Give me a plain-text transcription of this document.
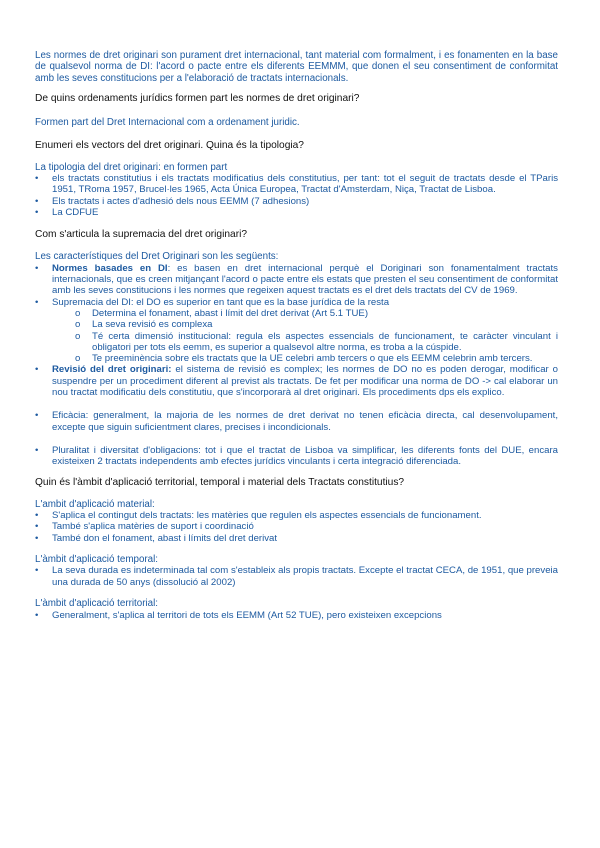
Les normes de dret originari son purament dret internacional, tant material com formalment, i es fonamenten en la base de qualsevol norma de DI: l'acord o pacte entre els diferents EEMMM, que donen el seu consentiment de conformitat amb les seves constitucions per a l'elaboració de tractats internacionals.

De quins ordenaments jurídics formen part les normes de dret originari?

Formen part del Dret Internacional com a ordenament juridic.

Enumeri els vectors del dret originari. Quina és la tipologia?

La tipologia del dret originari: en formen part

• els tractats constitutius i els tractats modificatius dels constitutius, per tant: tot el seguit de tractats desde el TParis 1951, TRoma 1957, Brucel·les 1965, Acta Única Europea, Tractat d'Amsterdam, Niça, Tractat de Lisboa.
• Els tractats i actes d'adhesió dels nous EEMM (7 adhesions)
• La CDFUE

Com s'articula la supremacia del dret originari?

Les característiques del Dret Originari son les següents:

• Normes basades en DI: es basen en dret internacional perquè el Doriginari son fonamentalment tractats internacionals, que es creen mitjançant l'acord o pacte entre els estats que presten el seu consentiment de conformitat amb les seves constitucions i les normes que regeixen aquest tractats es el dret dels tractats del CV de 1969.
• Supremacia del DI: el DO es superior en tant que es la base jurídica de la resta
o Determina el fonament, abast i límit del dret derivat (Art 5.1 TUE)
o La seva revisió es complexa
o Té certa dimensió institucional: regula els aspectes essencials de funcionament, te caràcter vinculant i obligatori per tots els eemm, es superior a qualsevol altre norma, es troba a la cúspide.
o Te preeminència sobre els tractats que la UE celebri amb tercers o que els EEMM celebrin amb tercers.
• Revisió del dret originari: el sistema de revisió es complex; les normes de DO no es poden derogar, modificar o suspendre per un procediment diferent al previst als tractats. De fet per modificar una norma de DO -> cal elaborar un nou tractat modificatiu dels constitutiu, que s'incorporarà al dret originari. Els procediments dps els explico.
• Eficàcia: generalment, la majoria de les normes de dret derivat no tenen eficàcia directa, cal desenvolupament, excepte que siguin suficientment clares, precises i incondicionals.
• Pluralitat i diversitat d'obligacions: tot i que el tractat de Lisboa va simplificar, les diferents fonts del DUE, encara existeixen 2 tractats independents amb efectes jurídics vinculants i certa integració diferenciada.

Quin és l'àmbit d'aplicació territorial, temporal i material dels Tractats constitutius?

L'ambit d'aplicació material:

• S'aplica el contingut dels tractats: les matèries que regulen els aspectes essencials de funcionament.
• També s'aplica matèries de suport i coordinació
• També don el fonament, abast i límits del dret derivat

L'àmbit d'aplicació temporal:

• La seva durada es indeterminada tal com s'estableix als propis tractats. Excepte el tractat CECA, de 1951, que preveia una durada de 50 anys (dissolució al 2002)

L'àmbit d'aplicació territorial:

• Generalment, s'aplica al territori de tots els EEMM (Art 52 TUE), pero existeixen excepcions
